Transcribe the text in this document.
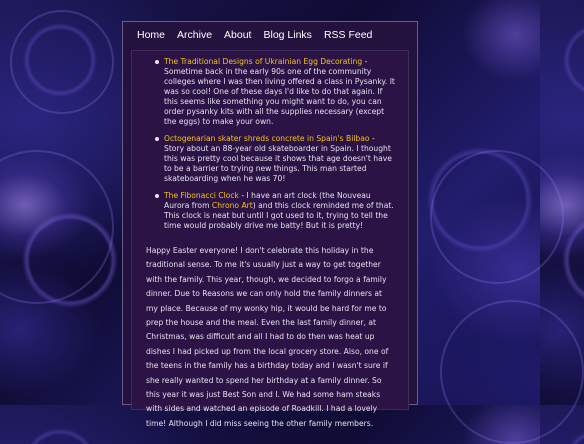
Home Archive About Blog Links RSS Feed
The Traditional Designs of Ukrainian Egg Decorating - Sometime back in the early 90s one of the community colleges where I was then living offered a class in Pysanky. It was so cool! One of these days I'd like to do that again. If this seems like something you might want to do, you can order pysanky kits with all the supplies necessary (except the eggs) to make your own.
Octogenarian skater shreds concrete in Spain's Bilbao - Story about an 88-year old skateboarder in Spain. I thought this was pretty cool because it shows that age doesn't have to be a barrier to trying new things. This man started skateboarding when he was 70!
The Fibonacci Clock - I have an art clock (the Nouveau Aurora from Chrono Art) and this clock reminded me of that. This clock is neat but until I got used to it, trying to tell the time would probably drive me batty! But it is pretty!

Happy Easter everyone! I don't celebrate this holiday in the traditional sense. To me it's usually just a way to get together with the family. This year, though, we decided to forgo a family dinner. Due to Reasons we can only hold the family dinners at my place. Because of my wonky hip, it would be hard for me to prep the house and the meal. Even the last family dinner, at Christmas, was difficult and all I had to do then was heat up dishes I had picked up from the local grocery store. Also, one of the teens in the family has a birthday today and I wasn't sure if she really wanted to spend her birthday at a family dinner. So this year it was just Best Son and I. We had some ham steaks with sides and watched an episode of Roadkill. I had a lovely time! Although I did miss seeing the other family members.
